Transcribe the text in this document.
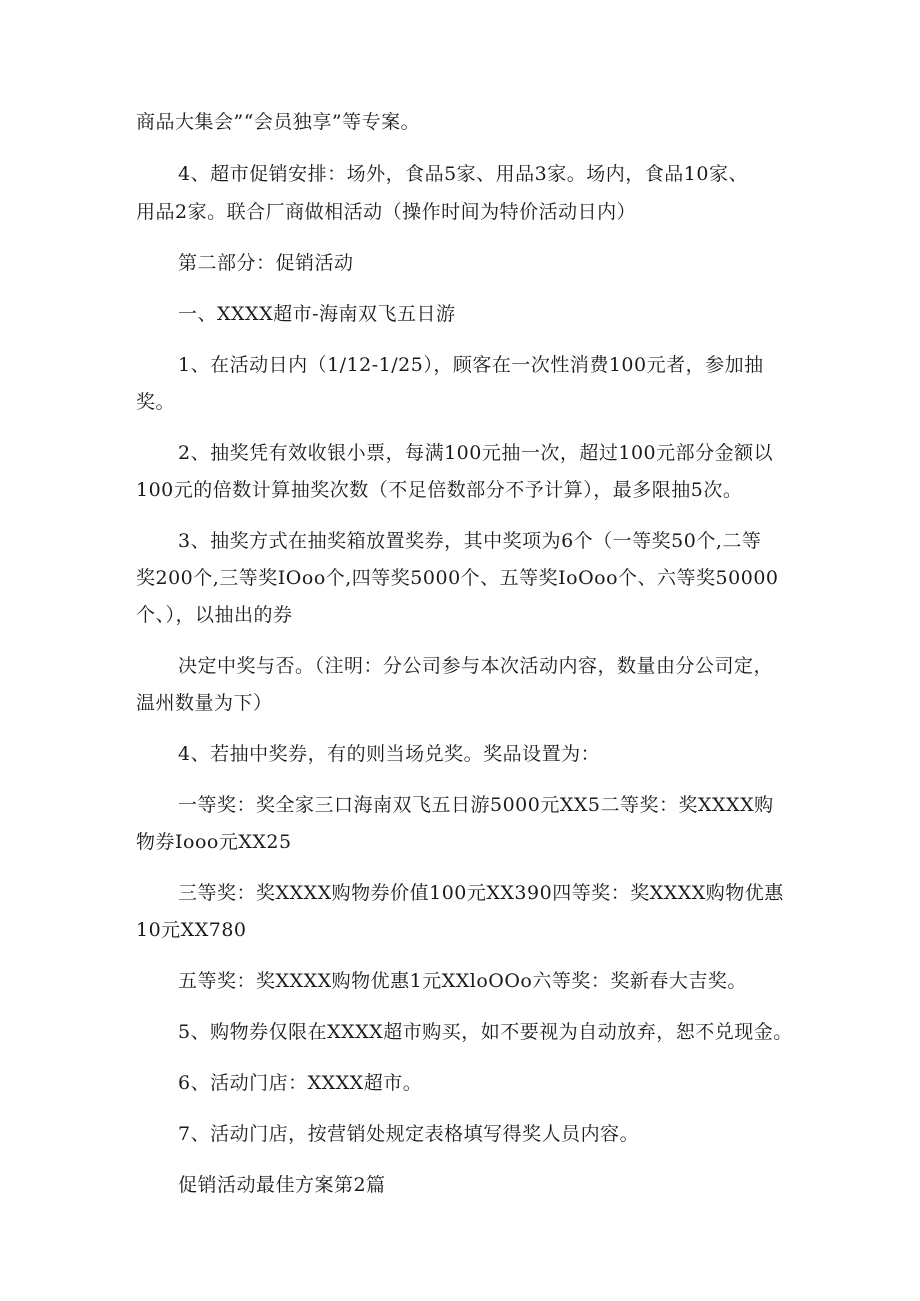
商品大集会”“会员独享”等专案。

4、超市促销安排：场外，食品5家、用品3家。场内，食品10家、

用品2家。联合厂商做相活动（操作时间为特价活动日内）

第二部分：促销活动

一、XXXX超市-海南双飞五日游

1、在活动日内（1/12-1/25），顾客在一次性消费100元者，参加抽

奖。

2、抽奖凭有效收银小票，每满100元抽一次，超过100元部分金额以

100元的倍数计算抽奖次数（不足倍数部分不予计算），最多限抽5次。

3、抽奖方式在抽奖箱放置奖券，其中奖项为6个（一等奖50个,二等

奖200个,三等奖IOoo个,四等奖5000个、五等奖IoOoo个、六等奖50000

个、），以抽出的券

决定中奖与否。（注明：分公司参与本次活动内容，数量由分公司定，

温州数量为下）

4、若抽中奖券，有的则当场兑奖。奖品设置为：

一等奖：奖全家三口海南双飞五日游5000元XX5二等奖：奖XXXX购

物券Iooo元XX25

三等奖：奖XXXX购物券价值100元XX390四等奖：奖XXXX购物优惠

10元XX780

五等奖：奖XXXX购物优惠1元XXloOOo六等奖：奖新春大吉奖。

5、购物券仅限在XXXX超市购买，如不要视为自动放弃，恕不兑现金。

6、活动门店：XXXX超市。

7、活动门店，按营销处规定表格填写得奖人员内容。

促销活动最佳方案第2篇
